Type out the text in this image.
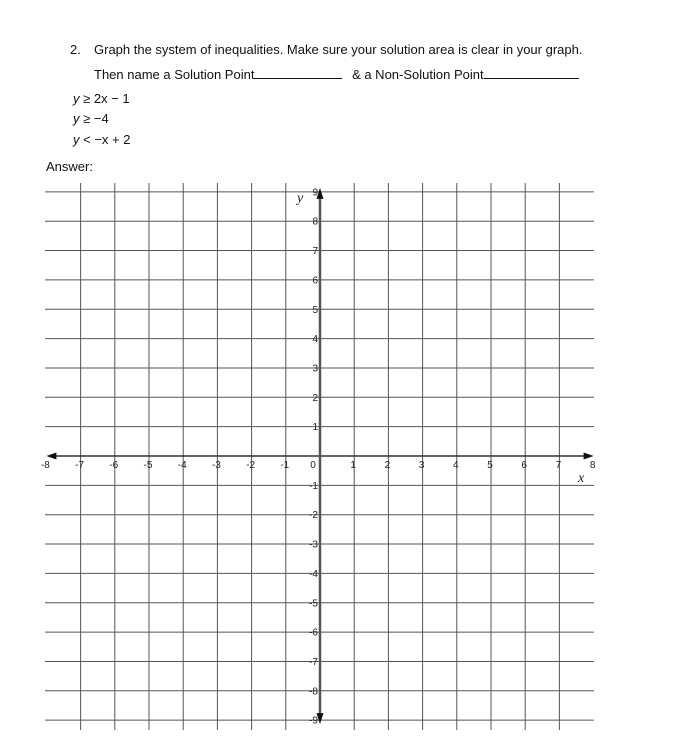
2. Graph the system of inequalities. Make sure your solution area is clear in your graph.
Then name a Solution Point	& a Non-Solution Point
y ≥ 2x − 1
y ≥ −4
y < −x + 2
Answer:
-8	-7	-6	-5	-4	-3	-2	-1 0	1	2	3	4	5	6	7	8
9
8
7
6
5
4
3
2
1
-1
-2
-3
-4
-5
-6
-7
-8
-9
y
x
